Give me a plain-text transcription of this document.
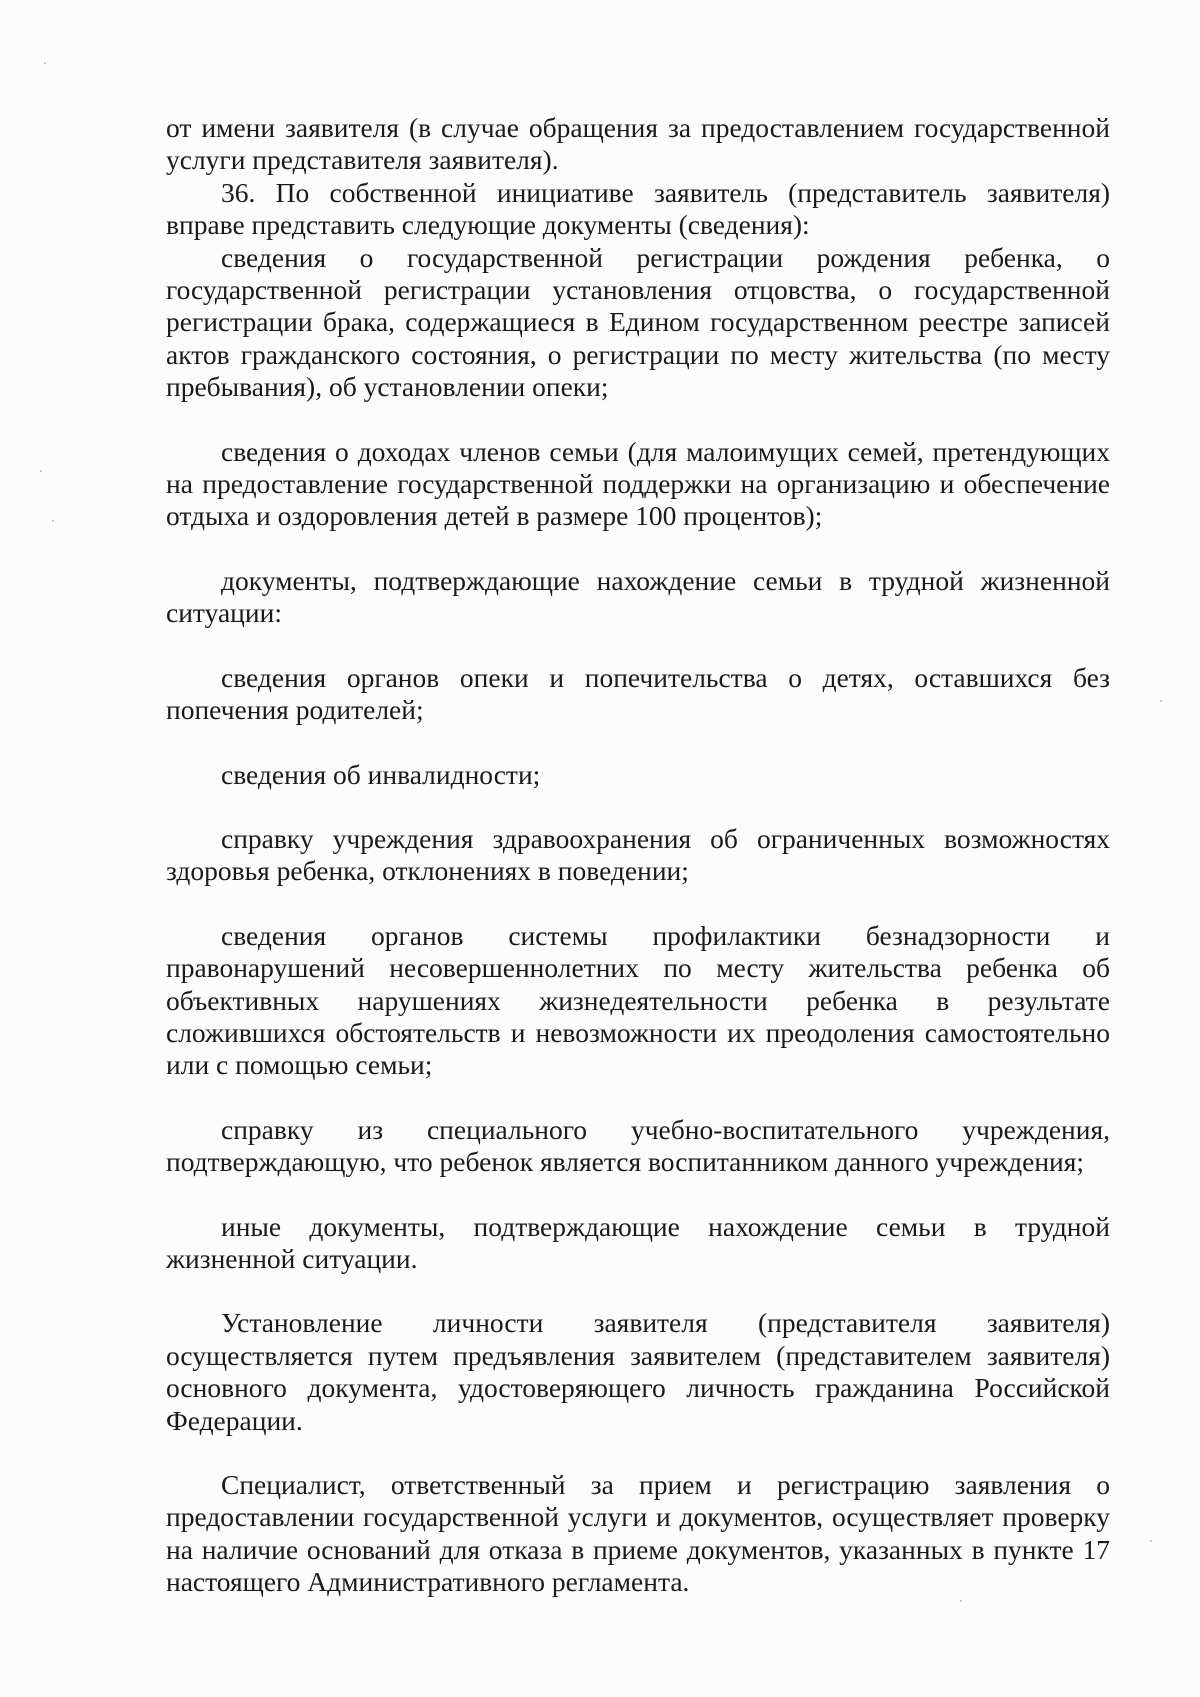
от имени заявителя (в случае обращения за предоставлением государственной услуги представителя заявителя).

36. По собственной инициативе заявитель (представитель заявителя) вправе представить следующие документы (сведения):

сведения о государственной регистрации рождения ребенка, о государственной регистрации установления отцовства, о государственной регистрации брака, содержащиеся в Едином государственном реестре записей актов гражданского состояния, о регистрации по месту жительства (по месту пребывания), об установлении опеки;

сведения о доходах членов семьи (для малоимущих семей, претендующих на предоставление государственной поддержки на организацию и обеспечение отдыха и оздоровления детей в размере 100 процентов);

документы, подтверждающие нахождение семьи в трудной жизненной ситуации:

сведения органов опеки и попечительства о детях, оставшихся без попечения родителей;

сведения об инвалидности;

справку учреждения здравоохранения об ограниченных возможностях здоровья ребенка, отклонениях в поведении;

сведения органов системы профилактики безнадзорности и правонарушений несовершеннолетних по месту жительства ребенка об объективных нарушениях жизнедеятельности ребенка в результате сложившихся обстоятельств и невозможности их преодоления самостоятельно или с помощью семьи;

справку из специального учебно-воспитательного учреждения, подтверждающую, что ребенок является воспитанником данного учреждения;

иные документы, подтверждающие нахождение семьи в трудной жизненной ситуации.

Установление личности заявителя (представителя заявителя) осуществляется путем предъявления заявителем (представителем заявителя) основного документа, удостоверяющего личность гражданина Российской Федерации.

Специалист, ответственный за прием и регистрацию заявления о предоставлении государственной услуги и документов, осуществляет проверку на наличие оснований для отказа в приеме документов, указанных в пункте 17 настоящего Административного регламента.
